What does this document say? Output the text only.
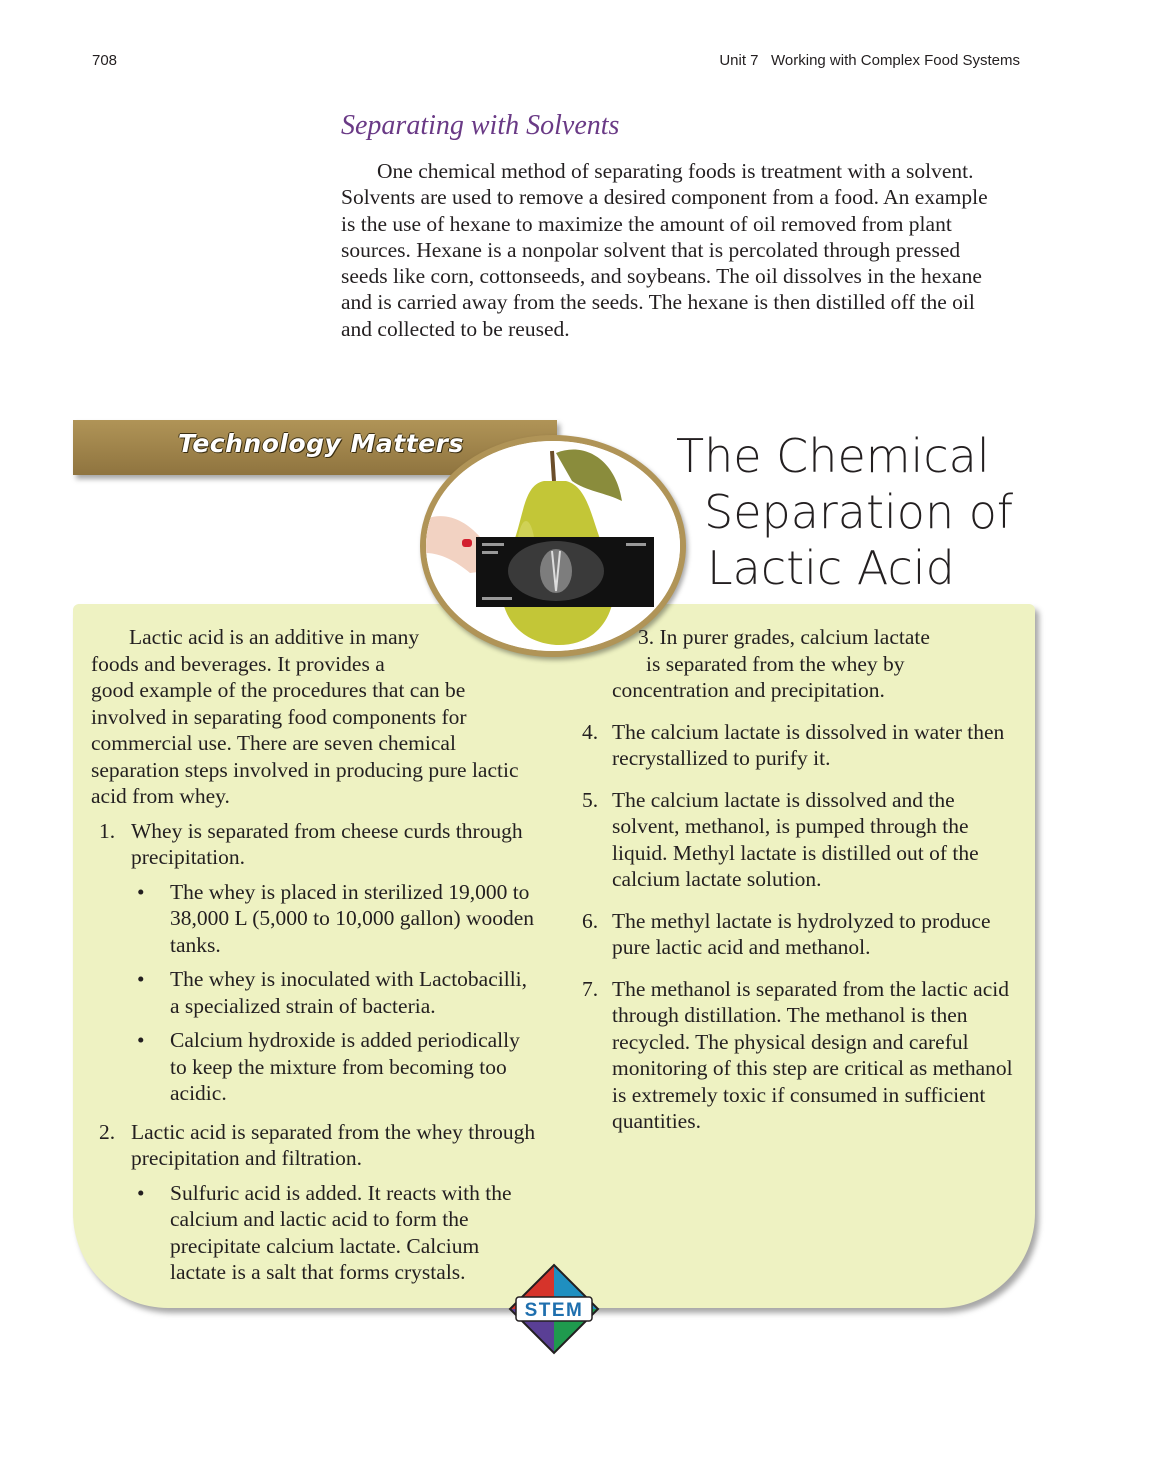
708	Unit 7   Working with Complex Food Systems
Separating with Solvents

One chemical method of separating foods is treatment with a solvent. Solvents are used to remove a desired component from a food. An example is the use of hexane to maximize the amount of oil removed from plant sources. Hexane is a nonpolar solvent that is percolated through pressed seeds like corn, cottonseeds, and soybeans. The oil dissolves in the hexane and is carried away from the seeds. The hexane is then distilled off the oil and collected to be reused.

Technology Matters	The Chemical
Separation of
Lactic Acid

Lactic acid is an additive in many

foods and beverages. It provides a

good example of the procedures that can be involved in separating food components for commercial use. There are seven chemical separation steps involved in producing pure lactic acid from whey.

1. Whey is separated from cheese curds through precipitation.
• The whey is placed in sterilized 19,000 to 38,000 L (5,000 to 10,000 gallon) wooden tanks.
• The whey is inoculated with Lactobacilli, a specialized strain of bacteria.
• Calcium hydroxide is added periodically to keep the mixture from becoming too acidic.
2. Lactic acid is separated from the whey through precipitation and filtration.
• Sulfuric acid is added. It reacts with the calcium and lactic acid to form the precipitate calcium lactate. Calcium lactate is a salt that forms crystals.
3. In purer grades, calcium lactate
is separated from the whey by
concentration and precipitation.
4. The calcium lactate is dissolved in water then recrystallized to purify it.
5. The calcium lactate is dissolved and the solvent, methanol, is pumped through the liquid. Methyl lactate is distilled out of the calcium lactate solution.
6. The methyl lactate is hydrolyzed to produce pure lactic acid and methanol.
7. The methanol is separated from the lactic acid through distillation. The methanol is then recycled. The physical design and careful monitoring of this step are critical as methanol is extremely toxic if consumed in sufficient quantities.
STEM
